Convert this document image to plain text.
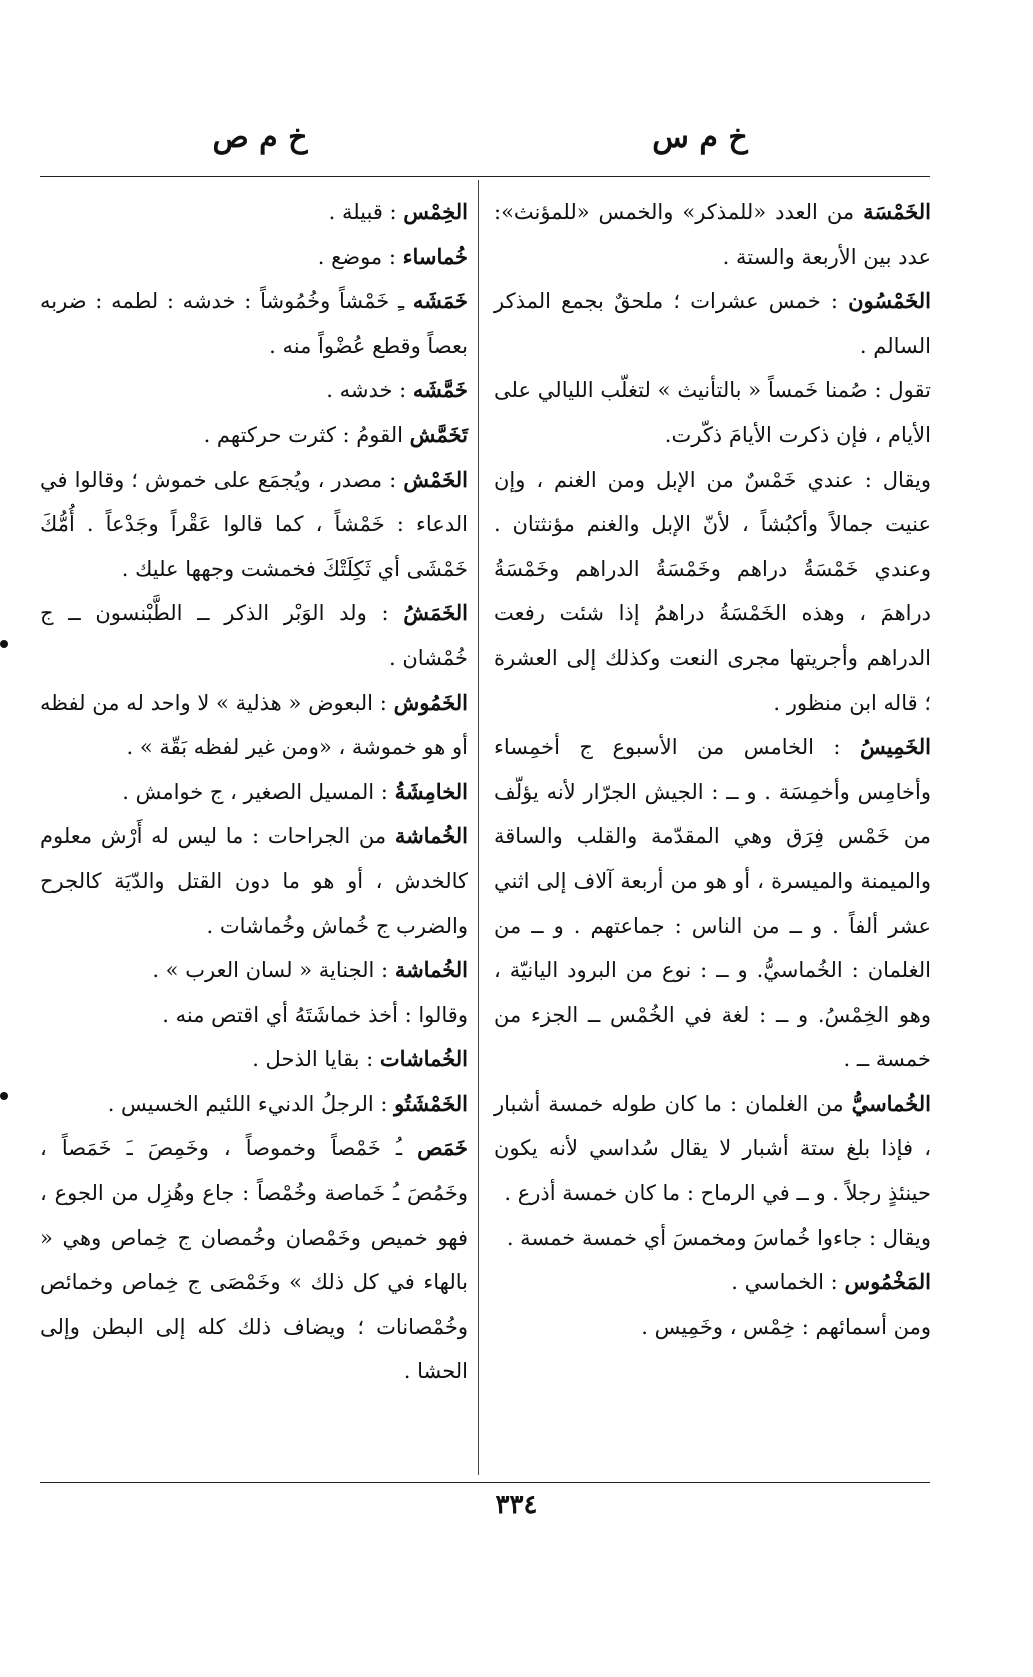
خ م س
خ م ص

الخَمْسَة من العدد «للمذكر» والخمس «للمؤنث»: عدد بين الأربعة والستة .

الخَمْسُون : خمس عشرات ؛ ملحقٌ بجمع المذكر السالم .

تقول : صُمنا خَمساً « بالتأنيث » لتغلّب الليالي على الأيام ، فإن ذكرت الأيامَ ذكّرت.

ويقال : عندي خَمْسٌ من الإبل ومن الغنم ، وإن عنيت جمالاً وأكبُشاً ، لأنّ الإبل والغنم مؤنثتان . وعندي خَمْسَةُ دراهم وخَمْسَةُ الدراهم وخَمْسَةُ دراهمَ ، وهذه الخَمْسَةُ دراهمُ إذا شئت رفعت الدراهم وأجريتها مجرى النعت وكذلك إلى العشرة ؛ قاله ابن منظور .

الخَمِيسُ : الخامس من الأسبوع ج أخمِساء وأخامِس وأخمِسَة . و ــ : الجيش الجرّار لأنه يؤلّف من خَمْس فِرَق وهي المقدّمة والقلب والساقة والميمنة والميسرة ، أو هو من أربعة آلاف إلى اثني عشر ألفاً . و ــ من الناس : جماعتهم . و ــ من الغلمان : الخُماسيُّ. و ــ : نوع من البرود اليانيّة ، وهو الخِمْسُ. و ــ : لغة في الخُمْس ــ الجزء من خمسة ــ .

الخُماسيُّ من الغلمان : ما كان طوله خمسة أشبار ، فإذا بلغ ستة أشبار لا يقال سُداسي لأنه يكون حينئذٍ رجلاً . و ــ في الرماح : ما كان خمسة أذرع .

ويقال : جاءوا خُماسَ ومخمسَ أي خمسة خمسة .

المَخْمُوس : الخماسي .

ومن أسمائهم : خِمْس ، وخَمِيس .

الخِمْس : قبيلة .

خُماساء : موضع .

خَمَشَه ـِ خَمْشاً وخُمُوشاً : خدشه : لطمه : ضربه بعصاً وقطع عُضْواً منه .

خَمَّشَه : خدشه .

تَخَمَّش القومُ : كثرت حركتهم .

الخَمْش : مصدر ، ويُجمَع على خموش ؛ وقالوا في الدعاء : خَمْشاً ، كما قالوا عَقْراً وجَدْعاً . أُمُّكَ خَمْشَى أي ثَكِلَتْكَ فخمشت وجهها عليك .

الخَمَشُ : ولد الوَبْر الذكر ــ الطَّبْنسون ــ ج خُمْشان .

الخَمُوش : البعوض « هذلية » لا واحد له من لفظه أو هو خموشة ، «ومن غير لفظه بَقّة » .

الخامِشَةُ : المسيل الصغير ، ج خوامش .

الخُماشة من الجراحات : ما ليس له أَرْش معلوم كالخدش ، أو هو ما دون القتل والدّيَة كالجرح والضرب ج خُماش وخُماشات .

الخُماشة : الجناية « لسان العرب » .

وقالوا : أخذ خماشَتَهُ أي اقتص منه .

الخُماشات : بقايا الذحل .

الخَمْشَتُو : الرجلُ الدنيء اللئيم الخسيس .

خَمَص ـُ خَمْصاً وخموصاً ، وخَمِصَ ـَ خَمَصاً ، وخَمُصَ ـُ خَماصة وخُمْصاً : جاع وهُزِل من الجوع ، فهو خميص وخَمْصان وخُمصان ج خِماص وهي « بالهاء في كل ذلك » وخَمْصَى ج خِماص وخمائص وخُمْصانات ؛ ويضاف ذلك كله إلى البطن وإلى الحشا .

٣٣٤
